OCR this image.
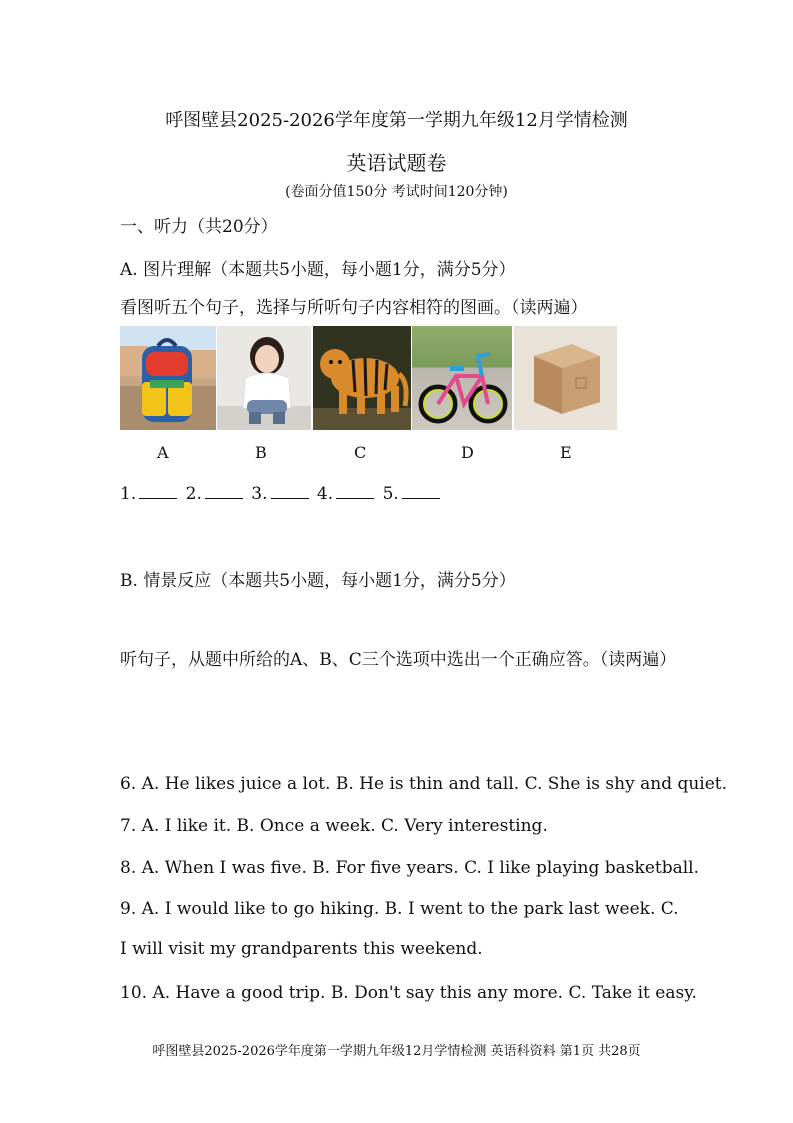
呼图壁县2025-2026学年度第一学期九年级12月学情检测
英语试题卷
(卷面分值150分 考试时间120分钟)
一、听力（共20分）
A. 图片理解（本题共5小题，每小题1分，满分5分）
看图听五个句子，选择与所听句子内容相符的图画。（读两遍）
A	B	C	D	E
1.	2.	3.	4.	5.
B. 情景反应（本题共5小题，每小题1分，满分5分）
听句子，从题中所给的A、B、C三个选项中选出一个正确应答。（读两遍）
6. A. He likes juice a lot. B. He is thin and tall. C. She is shy and quiet.
7. A. I like it. B. Once a week. C. Very interesting.
8. A. When I was five. B. For five years. C. I like playing basketball.
9. A. I would like to go hiking. B. I went to the park last week. C. I will visit my grandparents this weekend.
10. A. Have a good trip. B. Don't say this any more. C. Take it easy.
呼图壁县2025-2026学年度第一学期九年级12月学情检测 英语科资料 第1页 共28页
